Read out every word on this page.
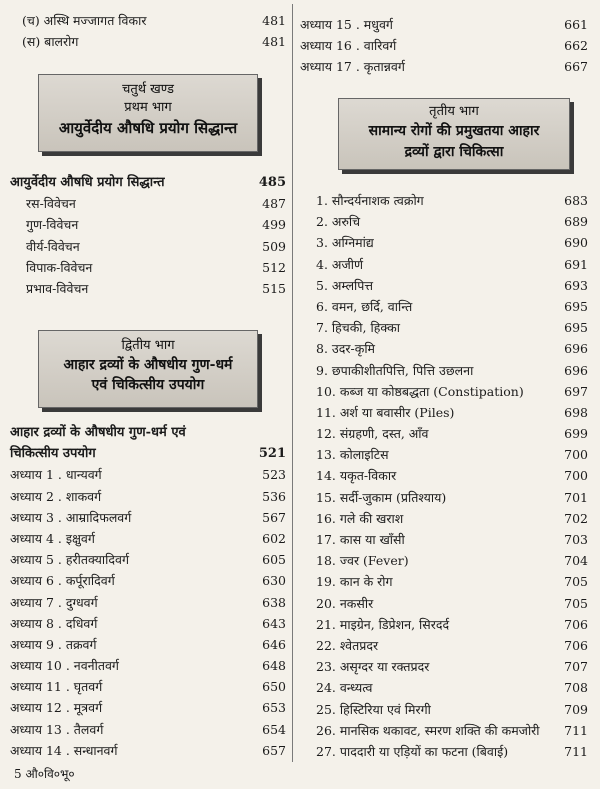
(च) अस्थि मज्जागत विकार	481
(स) बालरोग	481
चतुर्थ खण्ड
प्रथम भाग
आयुर्वेदीय औषधि प्रयोग सिद्धान्त
आयुर्वेदीय औषधि प्रयोग सिद्धान्त	485
रस-विवेचन	487
गुण-विवेचन	499
वीर्य-विवेचन	509
विपाक-विवेचन	512
प्रभाव-विवेचन	515
द्वितीय भाग
आहार द्रव्यों के औषधीय गुण-धर्म
एवं चिकित्सीय उपयोग
आहार द्रव्यों के औषधीय गुण-धर्म एवं
चिकित्सीय उपयोग	521
अध्याय 1 . धान्यवर्ग	523
अध्याय 2 . शाकवर्ग	536
अध्याय 3 . आम्रादिफलवर्ग	567
अध्याय 4 . इक्षुवर्ग	602
अध्याय 5 . हरीतक्यादिवर्ग	605
अध्याय 6 . कर्पूरादिवर्ग	630
अध्याय 7 . दुग्धवर्ग	638
अध्याय 8 . दधिवर्ग	643
अध्याय 9 . तक्रवर्ग	646
अध्याय 10 . नवनीतवर्ग	648
अध्याय 11 . घृतवर्ग	650
अध्याय 12 . मूत्रवर्ग	653
अध्याय 13 . तैलवर्ग	654
अध्याय 14 . सन्धानवर्ग	657
अध्याय 15 . मधुवर्ग	661
अध्याय 16 . वारिवर्ग	662
अध्याय 17 . कृतान्नवर्ग	667
तृतीय भाग
सामान्य रोगों की प्रमुखतया आहार
द्रव्यों द्वारा चिकित्सा
1. सौन्दर्यनाशक त्वक्रोग	683
2. अरुचि	689
3. अग्निमांद्य	690
4. अजीर्ण	691
5. अम्लपित्त	693
6. वमन, छर्दि, वान्ति	695
7. हिचकी, हिक्का	695
8. उदर-कृमि	696
9. छपाकीशीतपित्ति, पित्ति उछलना	696
10. कब्ज या कोष्ठबद्धता (Constipation)	697
11. अर्श या बवासीर (Piles)	698
12. संग्रहणी, दस्त, आँव	699
13. कोलाइटिस	700
14. यकृत-विकार	700
15. सर्दी-जुकाम (प्रतिश्याय)	701
16. गले की खराश	702
17. कास या खाँसी	703
18. ज्वर (Fever)	704
19. कान के रोग	705
20. नकसीर	705
21. माइग्रेन, डिप्रेशन, सिरदर्द	706
22. श्वेतप्रदर	706
23. असृग्दर या रक्तप्रदर	707
24. वन्ध्यत्व	708
25. हिस्टिरिया एवं मिरगी	709
26. मानसिक थकावट, स्मरण शक्ति की कमजोरी 711
27. पाददारी या एड़ियों का फटना (बिवाई)	711
5 औ०वि०भू०
